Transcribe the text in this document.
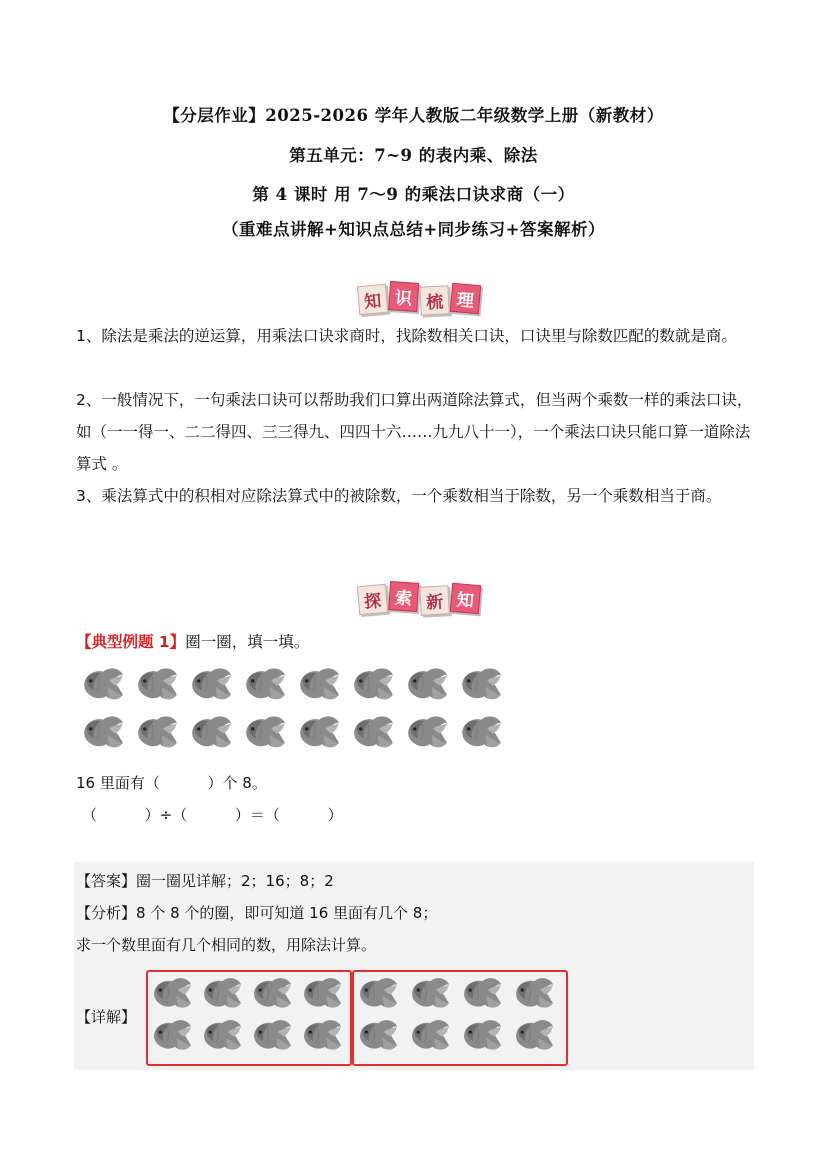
【分层作业】2025-2026 学年人教版二年级数学上册（新教材）
第五单元：7~9 的表内乘、除法
第 4 课时 用 7～9 的乘法口诀求商（一）
（重难点讲解+知识点总结+同步练习+答案解析）
知 识 梳 理
1、除法是乘法的逆运算，用乘法口诀求商时，找除数相关口诀，口诀里与除数匹配的数就是商。
2、一般情况下，一句乘法口诀可以帮助我们口算出两道除法算式，但当两个乘数一样的乘法口诀，如（一一得一、二二得四、三三得九、四四十六……九九八十一），一个乘法口诀只能口算一道除法算式 。
3、乘法算式中的积相对应除法算式中的被除数，一个乘数相当于除数，另一个乘数相当于商。
探 索 新 知
【典型例题 1】圈一圈，填一填。
16 里面有（          ）个 8。
（          ）÷（          ）＝（          ）
【答案】圈一圈见详解；2；16；8；2
【分析】8 个 8 个的圈，即可知道 16 里面有几个 8；
求一个数里面有几个相同的数，用除法计算。
【详解】
